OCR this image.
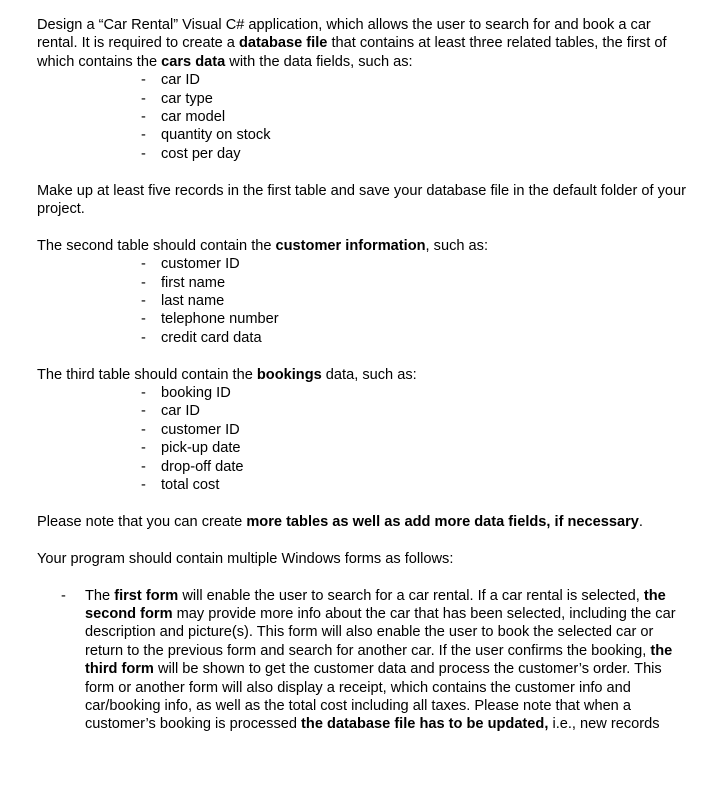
Design a “Car Rental” Visual C# application, which allows the user to search for and book a car rental. It is required to create a database file that contains at least three related tables, the first of which contains the cars data with the data fields, such as:

- car ID
- car type
- car model
- quantity on stock
- cost per day

Make up at least five records in the first table and save your database file in the default folder of your project.

The second table should contain the customer information, such as:

- customer ID
- first name
- last name
- telephone number
- credit card data

The third table should contain the bookings data, such as:

- booking ID
- car ID
- customer ID
- pick-up date
- drop-off date
- total cost

Please note that you can create more tables as well as add more data fields, if necessary.

Your program should contain multiple Windows forms as follows:

- The first form will enable the user to search for a car rental. If a car rental is selected, the second form may provide more info about the car that has been selected, including the car description and picture(s). This form will also enable the user to book the selected car or return to the previous form and search for another car. If the user confirms the booking, the third form will be shown to get the customer data and process the customer’s order. This form or another form will also display a receipt, which contains the customer info and car/booking info, as well as the total cost including all taxes. Please note that when a customer’s booking is processed the database file has to be updated, i.e., new records
